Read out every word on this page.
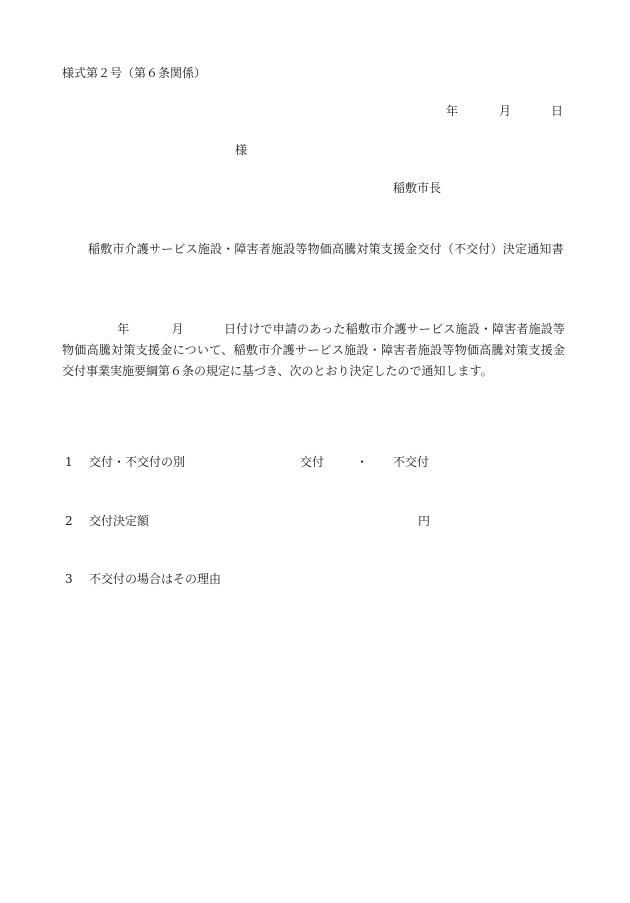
様式第２号（第６条関係）
年	月	日
様
稲敷市長
稲敷市介護サービス施設・障害者施設等物価高騰対策支援金交付（不交付）決定通知書
年	月	日付けで申請のあった稲敷市介護サービス施設・障害者施設等物価高騰対策支援金について、稲敷市介護サービス施設・障害者施設等物価高騰対策支援金交付事業実施要綱第６条の規定に基づき、次のとおり決定したので通知します。
1 交付・不交付の別	交付	・ 不交付
2 交付決定額	円
3 不交付の場合はその理由
